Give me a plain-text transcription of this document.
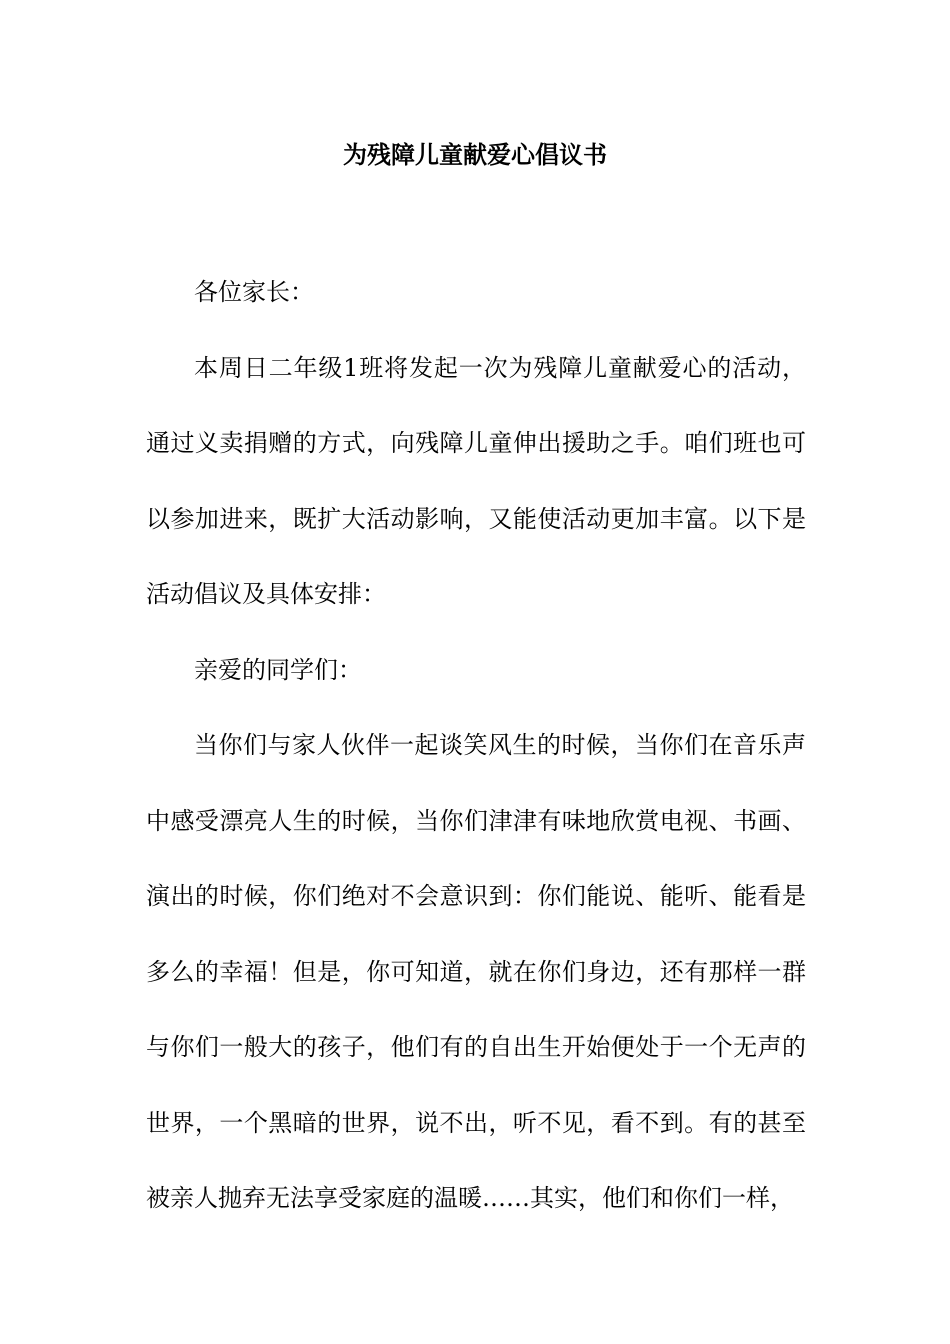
为残障儿童献爱心倡议书

各位家长：

本周日二年级1班将发起一次为残障儿童献爱心的活动，通过义卖捐赠的方式，向残障儿童伸出援助之手。咱们班也可以参加进来，既扩大活动影响，又能使活动更加丰富。以下是活动倡议及具体安排：

亲爱的同学们：

当你们与家人伙伴一起谈笑风生的时候，当你们在音乐声中感受漂亮人生的时候，当你们津津有味地欣赏电视、书画、演出的时候，你们绝对不会意识到：你们能说、能听、能看是多么的幸福！但是，你可知道，就在你们身边，还有那样一群与你们一般大的孩子，他们有的自出生开始便处于一个无声的世界，一个黑暗的世界，说不出，听不见，看不到。有的甚至被亲人抛弃无法享受家庭的温暖……其实，他们和你们一样，
